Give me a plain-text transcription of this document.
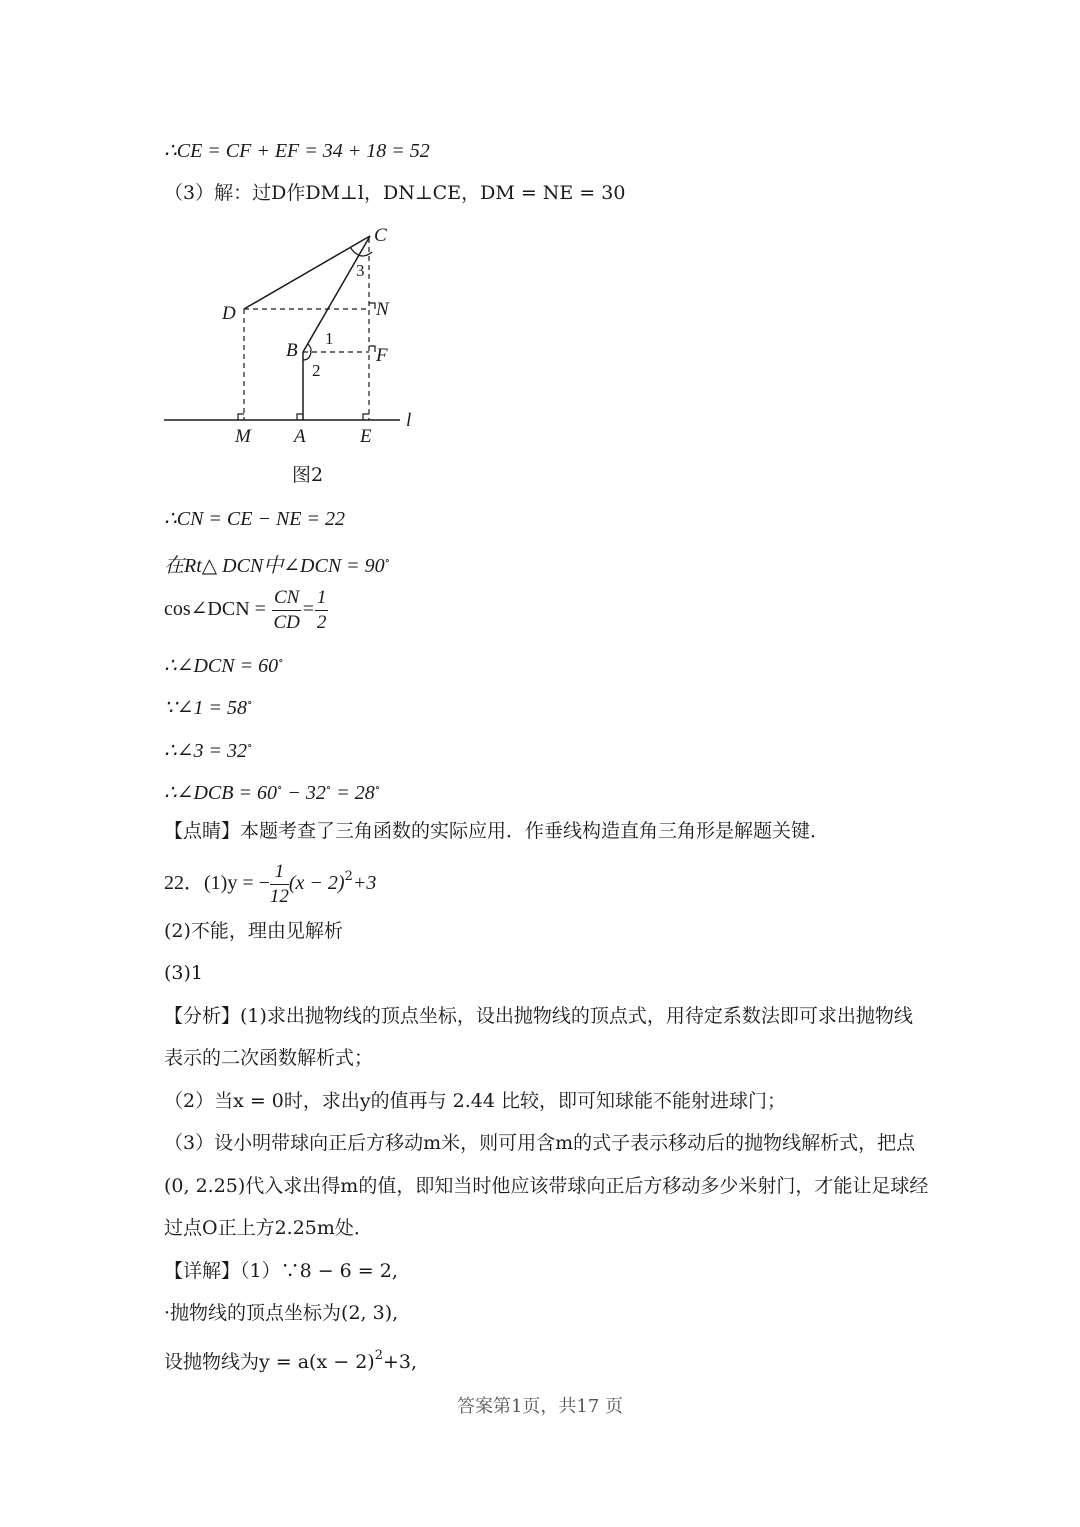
∴CE = CF + EF = 34 + 18 = 52
（3）解：过D作DM⊥l，DN⊥CE，DM = NE = 30
C
D	N
B	F
M A	E
l
3
1
2
图2
∴CN = CE − NE = 22
在Rt△ DCN中∠DCN = 90∘
cos∠DCN = $\frac{CN}{CD} = \frac{1}{2}$
∴∠DCN = 60∘
∵∠1 = 58∘
∴∠3 = 32∘
∴∠DCB = 60∘ − 32∘ = 28∘
【点睛】本题考查了三角函数的实际应用．作垂线构造直角三角形是解题关键．
22．(1)y = − $\frac{1}{12} (x - 2)^2+3$
(2)不能，理由见解析
(3)1
【分析】(1)求出抛物线的顶点坐标，设出抛物线的顶点式，用待定系数法即可求出抛物线
表示的二次函数解析式；
（2）当x = 0时，求出y的值再与 2.44 比较，即可知球能不能射进球门；
（3）设小明带球向正后方移动m米，则可用含m的式子表示移动后的抛物线解析式，把点
(0, 2.25)代入求出得m的值，即知当时他应该带球向正后方移动多少米射门，才能让足球经
过点O正上方2.25m处．
【详解】（1）∵8 − 6 = 2,
·抛物线的顶点坐标为(2, 3),
设抛物线为$y = a(x - 2)^2+3$,
答案第1页，共17 页
